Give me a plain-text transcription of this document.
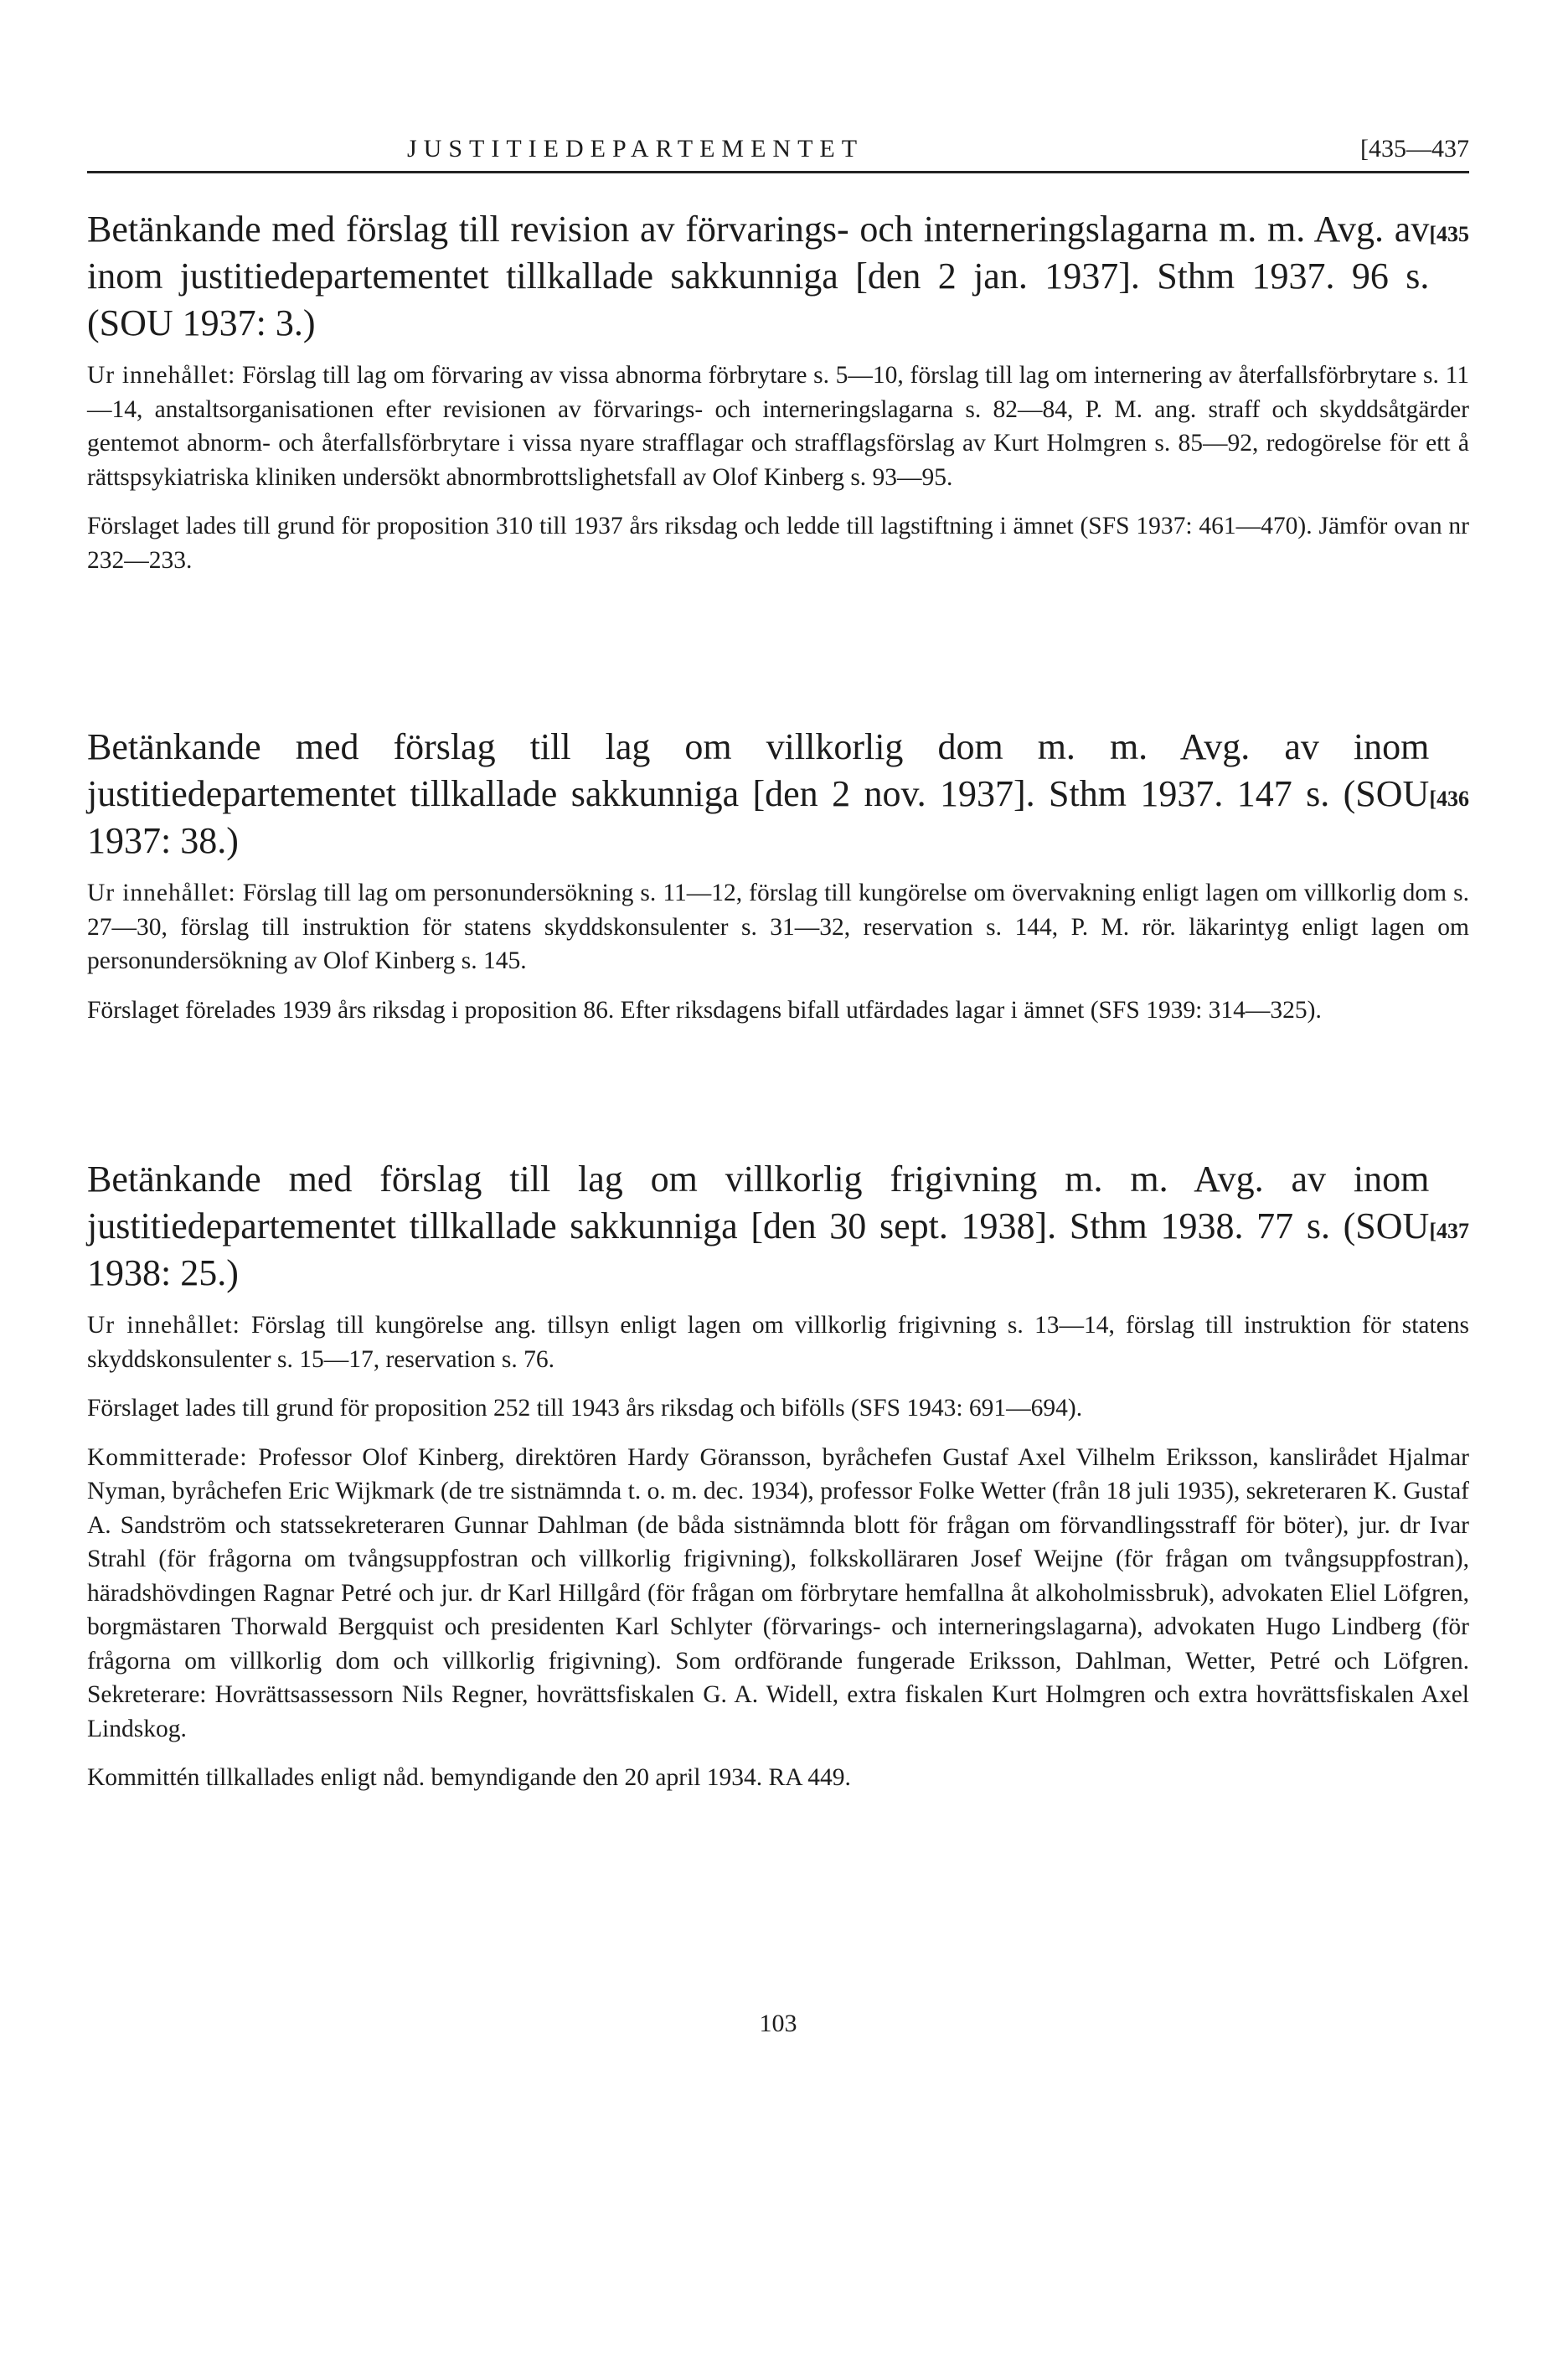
JUSTITIEDEPARTEMENTET	[435—437

[435
Betänkande med förslag till revision av förvarings- och interneringslagarna m. m. Avg. av inom justitiedepartementet tillkallade sakkunniga [den 2 jan. 1937]. Sthm 1937. 96 s. (SOU 1937: 3.)

Ur innehållet: Förslag till lag om förvaring av vissa abnorma förbrytare s. 5—10, förslag till lag om internering av återfallsförbrytare s. 11—14, anstaltsorganisationen efter revisionen av förvarings- och interneringslagarna s. 82—84, P. M. ang. straff och skyddsåtgärder gentemot abnorm- och återfallsförbrytare i vissa nyare strafflagar och strafflagsförslag av Kurt Holmgren s. 85—92, redogörelse för ett å rättspsykiatriska kliniken undersökt abnormbrottslighetsfall av Olof Kinberg s. 93—95.

Förslaget lades till grund för proposition 310 till 1937 års riksdag och ledde till lagstiftning i ämnet (SFS 1937: 461—470). Jämför ovan nr 232—233.

[436
Betänkande med förslag till lag om villkorlig dom m. m. Avg. av inom justitiedepartementet tillkallade sakkunniga [den 2 nov. 1937]. Sthm 1937. 147 s. (SOU 1937: 38.)

Ur innehållet: Förslag till lag om personundersökning s. 11—12, förslag till kungörelse om övervakning enligt lagen om villkorlig dom s. 27—30, förslag till instruktion för statens skyddskonsulenter s. 31—32, reservation s. 144, P. M. rör. läkarintyg enligt lagen om personundersökning av Olof Kinberg s. 145.

Förslaget förelades 1939 års riksdag i proposition 86. Efter riksdagens bifall utfärdades lagar i ämnet (SFS 1939: 314—325).

[437
Betänkande med förslag till lag om villkorlig frigivning m. m. Avg. av inom justitiedepartementet tillkallade sakkunniga [den 30 sept. 1938]. Sthm 1938. 77 s. (SOU 1938: 25.)

Ur innehållet: Förslag till kungörelse ang. tillsyn enligt lagen om villkorlig frigivning s. 13—14, förslag till instruktion för statens skyddskonsulenter s. 15—17, reservation s. 76.

Förslaget lades till grund för proposition 252 till 1943 års riksdag och bifölls (SFS 1943: 691—694).

Kommitterade: Professor Olof Kinberg, direktören Hardy Göransson, byråchefen Gustaf Axel Vilhelm Eriksson, kanslirådet Hjalmar Nyman, byråchefen Eric Wijkmark (de tre sistnämnda t. o. m. dec. 1934), professor Folke Wetter (från 18 juli 1935), sekreteraren K. Gustaf A. Sandström och statssekreteraren Gunnar Dahlman (de båda sistnämnda blott för frågan om förvandlingsstraff för böter), jur. dr Ivar Strahl (för frågorna om tvångsuppfostran och villkorlig frigivning), folkskolläraren Josef Weijne (för frågan om tvångsuppfostran), häradshövdingen Ragnar Petré och jur. dr Karl Hillgård (för frågan om förbrytare hemfallna åt alkoholmissbruk), advokaten Eliel Löfgren, borgmästaren Thorwald Bergquist och presidenten Karl Schlyter (förvarings- och interneringslagarna), advokaten Hugo Lindberg (för frågorna om villkorlig dom och villkorlig frigivning). Som ordförande fungerade Eriksson, Dahlman, Wetter, Petré och Löfgren. Sekreterare: Hovrättsassessorn Nils Regner, hovrättsfiskalen G. A. Widell, extra fiskalen Kurt Holmgren och extra hovrättsfiskalen Axel Lindskog.

Kommittén tillkallades enligt nåd. bemyndigande den 20 april 1934. RA 449.

103
